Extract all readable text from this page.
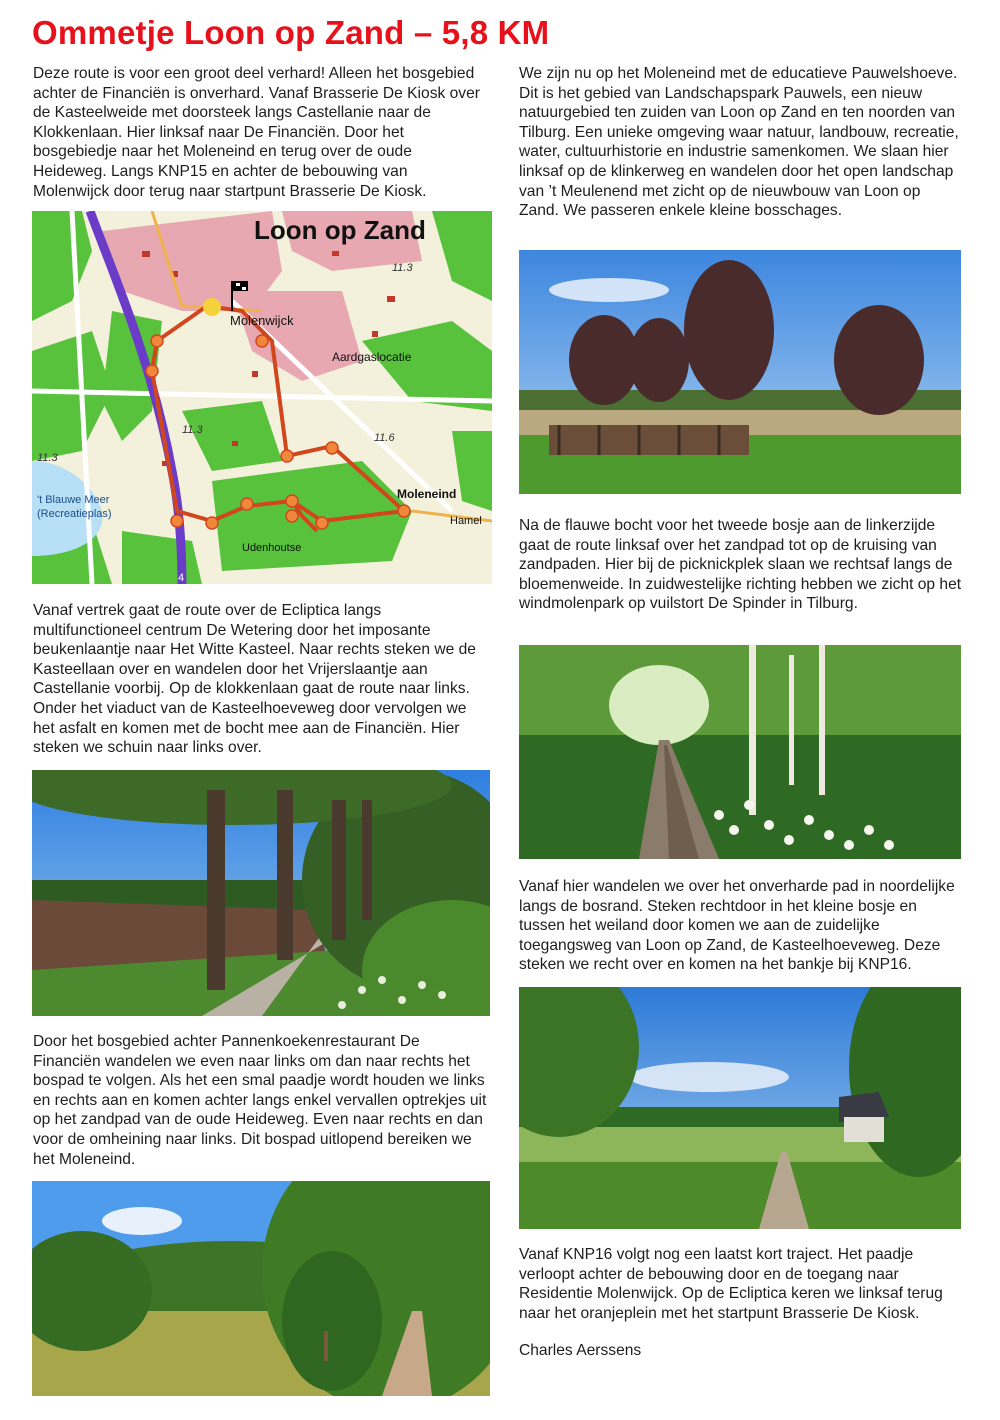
Ommetje Loon op Zand – 5,8 KM

Deze route is voor een groot deel verhard! Alleen het bosgebied achter de Financiën is onverhard. Vanaf Brasserie De Kiosk over de Kasteelweide met doorsteek langs Castellanie naar de Klokkenlaan. Hier linksaf naar De Financiën. Door het bosgebiedje naar het Moleneind en terug over de oude Heideweg. Langs KNP15 en achter de bebouwing van Molenwijck door terug naar startpunt Brasserie De Kiosk.

Loon op Zand
Molenwijck
Aardgaslocatie
Moleneind
't Blauwe Meer
(Recreatieplas)
Udenhoutse
Hamel
11.3
11.3
11.3
11.6
4

Vanaf vertrek gaat de route over de Ecliptica langs multifunctioneel centrum De Wetering door het imposante beukenlaantje naar Het Witte Kasteel. Naar rechts steken we de Kasteellaan over en wandelen door het Vrijerslaantje aan Castellanie voorbij. Op de klokkenlaan gaat de route naar links. Onder het viaduct van de Kasteelhoeveweg door vervolgen we het asfalt en komen met de bocht mee aan de Financiën. Hier steken we schuin naar links over.

Door het bosgebied achter Pannenkoekenrestaurant De Financiën wandelen we even naar links om dan naar rechts het bospad te volgen. Als het een smal paadje wordt houden we links en rechts aan en komen achter langs enkel vervallen optrekjes uit op het zandpad van de oude Heideweg. Even naar rechts en dan voor de omheining naar links. Dit bospad uitlopend bereiken we het Moleneind.

We zijn nu op het Moleneind met de educatieve Pauwelshoeve. Dit is het gebied van Landschapspark Pauwels, een nieuw natuurgebied ten zuiden van Loon op Zand en ten noorden van Tilburg. Een unieke omgeving waar natuur, landbouw, recreatie, water, cultuurhistorie en industrie samenkomen. We slaan hier linksaf op de klinkerweg en wandelen door het open landschap van ’t Meulenend met zicht op de nieuwbouw van Loon op Zand. We passeren enkele kleine bosschages.

Na de flauwe bocht voor het tweede bosje aan de linkerzijde gaat de route linksaf over het zandpad tot op de kruising van zandpaden. Hier bij de picknickplek slaan we rechtsaf langs de bloemenweide. In zuidwestelijke richting hebben we zicht op het windmolenpark op vuilstort De Spinder in Tilburg.

Vanaf hier wandelen we over het onverharde pad in noordelijke langs de bosrand. Steken rechtdoor in het kleine bosje en tussen het weiland door komen we aan de zuidelijke toegangsweg van Loon op Zand, de Kasteelhoeveweg. Deze steken we recht over en komen na het bankje bij KNP16.

Vanaf KNP16 volgt nog een laatst kort traject. Het paadje verloopt achter de bebouwing door en de toegang naar Residentie Molenwijck. Op de Ecliptica keren we linksaf terug naar het oranjeplein met het startpunt Brasserie De Kiosk.

Charles Aerssens
